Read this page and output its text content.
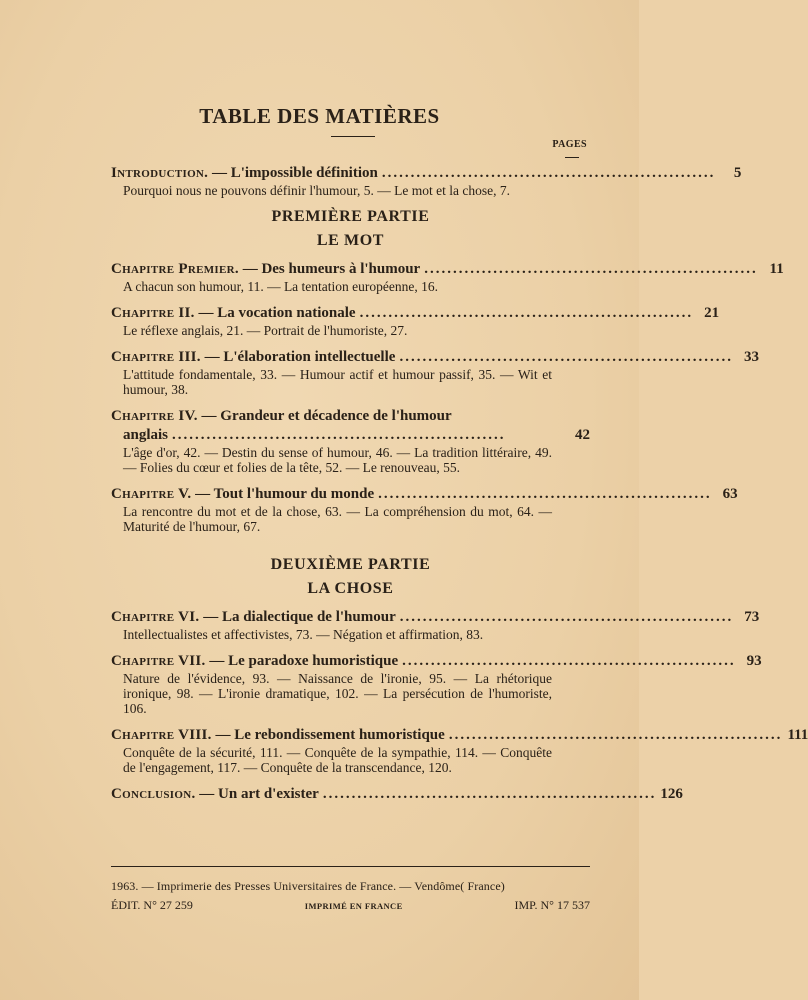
TABLE DES MATIÈRES
PAGES
Introduction. — L'impossible définition ..........................................................	5
Pourquoi nous ne pouvons définir l'humour, 5. — Le mot et la chose, 7.
PREMIÈRE PARTIE
LE MOT
Chapitre Premier. — Des humeurs à l'humour .......................................................... 11
A chacun son humour, 11. — La tentation européenne, 16.
Chapitre II. — La vocation nationale .......................................................... 21
Le réflexe anglais, 21. — Portrait de l'humoriste, 27.
Chapitre III. — L'élaboration intellectuelle .......................................................... 33
L'attitude fondamentale, 33. — Humour actif et humour passif, 35. — Wit et humour, 38.
Chapitre IV. — Grandeur et décadence de l'humour
anglais ..........................................................	42
L'âge d'or, 42. — Destin du sense of humour, 46. — La tradition littéraire, 49. — Folies du cœur et folies de la tête, 52. — Le renouveau, 55.
Chapitre V. — Tout l'humour du monde .......................................................... 63
La rencontre du mot et de la chose, 63. — La compréhension du mot, 64. — Maturité de l'humour, 67.
DEUXIÈME PARTIE
LA CHOSE
Chapitre VI. — La dialectique de l'humour .......................................................... 73
Intellectualistes et affectivistes, 73. — Négation et affirmation, 83.
Chapitre VII. — Le paradoxe humoristique .......................................................... 93
Nature de l'évidence, 93. — Naissance de l'ironie, 95. — La rhétorique ironique, 98. — L'ironie dramatique, 102. — La persécution de l'humoriste, 106.
Chapitre VIII. — Le rebondissement humoristique .......................................................... 111
Conquête de la sécurité, 111. — Conquête de la sympathie, 114. — Conquête de l'engagement, 117. — Conquête de la transcendance, 120.
Conclusion. — Un art d'exister .......................................................... 126
1963. — Imprimerie des Presses Universitaires de France. — Vendôme( France)
ÉDIT. N° 27 259	IMPRIMÉ EN FRANCE	IMP. N° 17 537
